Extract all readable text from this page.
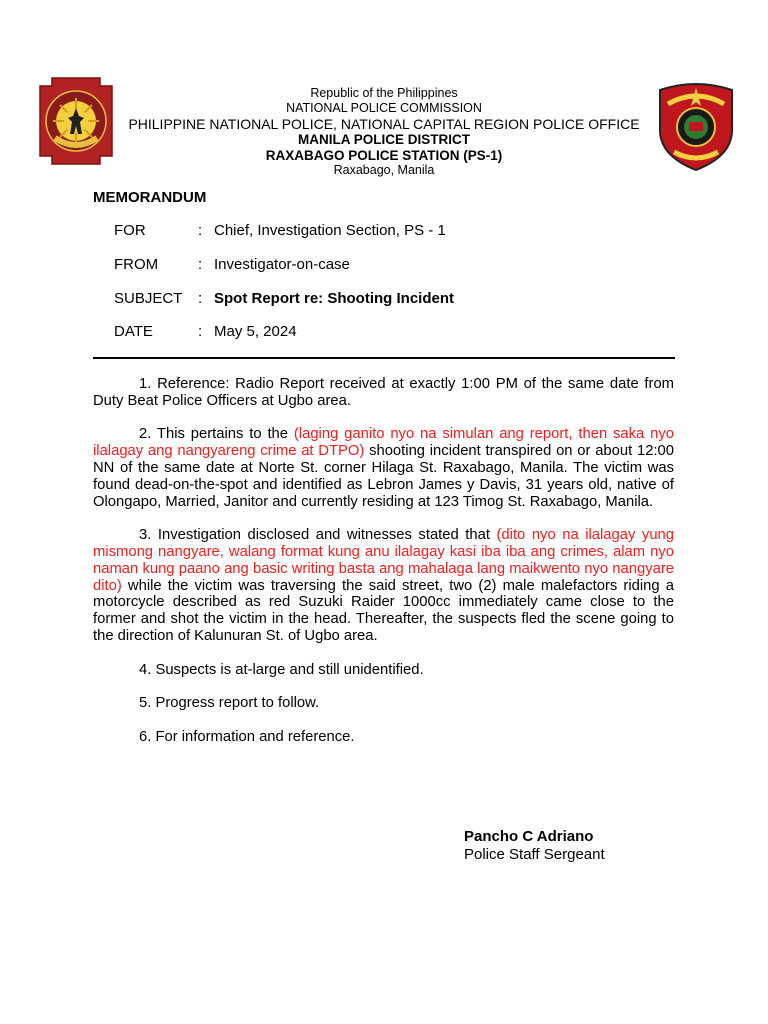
Republic of the Philippines
NATIONAL POLICE COMMISSION
PHILIPPINE NATIONAL POLICE, NATIONAL CAPITAL REGION POLICE OFFICE
MANILA POLICE DISTRICT
RAXABAGO POLICE STATION (PS-1)
Raxabago, Manila
MEMORANDUM
FOR	: Chief, Investigation Section, PS - 1
FROM	: Investigator-on-case
SUBJECT : Spot Report re: Shooting Incident
DATE	: May 5, 2024

1. Reference: Radio Report received at exactly 1:00 PM of the same date from Duty Beat Police Officers at Ugbo area.

2. This pertains to the (laging ganito nyo na simulan ang report, then saka nyo ilalagay ang nangyareng crime at DTPO) shooting incident transpired on or about 12:00 NN of the same date at Norte St. corner Hilaga St. Raxabago, Manila. The victim was found dead-on-the-spot and identified as Lebron James y Davis, 31 years old, native of Olongapo, Married, Janitor and currently residing at 123 Timog St. Raxabago, Manila.

3. Investigation disclosed and witnesses stated that (dito nyo na ilalagay yung mismong nangyare, walang format kung anu ilalagay kasi iba iba ang crimes, alam nyo naman kung paano ang basic writing basta ang mahalaga lang maikwento nyo nangyare dito) while the victim was traversing the said street, two (2) male malefactors riding a motorcycle described as red Suzuki Raider 1000cc immediately came close to the former and shot the victim in the head. Thereafter, the suspects fled the scene going to the direction of Kalunuran St. of Ugbo area.

4. Suspects is at-large and still unidentified.

5. Progress report to follow.

6. For information and reference.

Pancho C Adriano
Police Staff Sergeant
